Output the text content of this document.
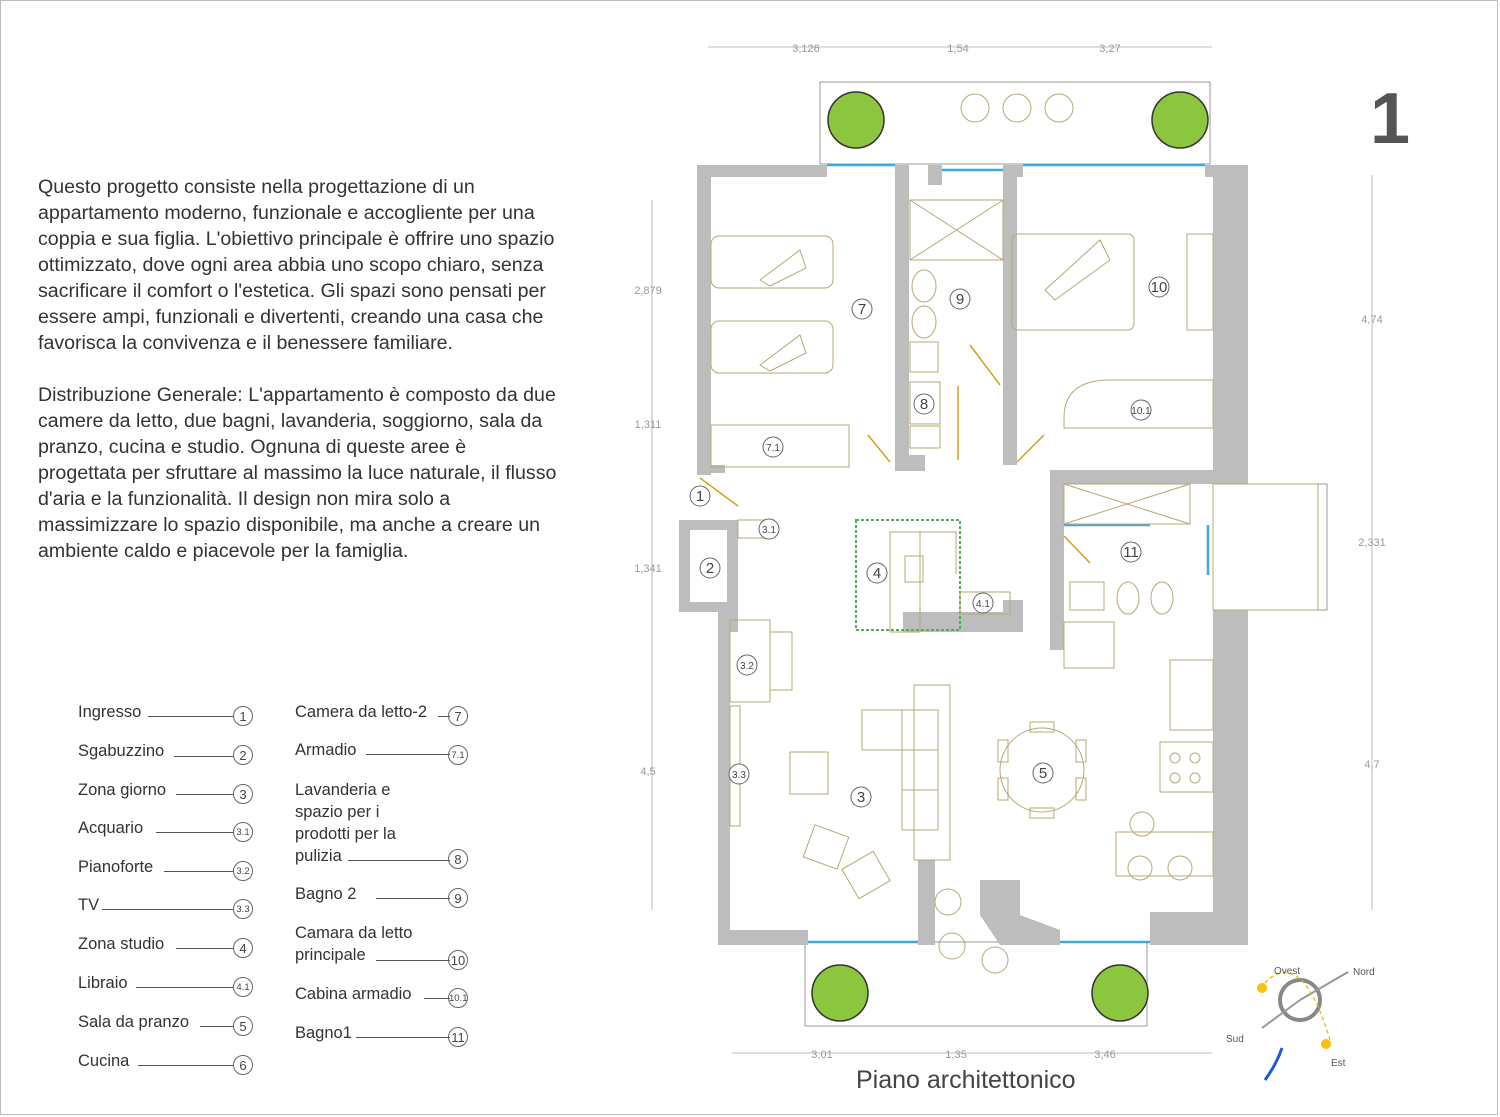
Questo progetto consiste nella progettazione di un appartamento moderno, funzionale e accogliente per una coppia e sua figlia. L'obiettivo principale è offrire uno spazio ottimizzato, dove ogni area abbia uno scopo chiaro, senza sacrificare il comfort o l'estetica. Gli spazi sono pensati per essere ampi, funzionali e divertenti, creando una casa che favorisca la convivenza e il benessere familiare.

Distribuzione Generale: L'appartamento è composto da due camere da letto, due bagni, lavanderia, soggiorno, sala da pranzo, cucina e studio. Ognuna di queste aree è progettata per sfruttare al massimo la luce naturale, il flusso d'aria e la funzionalità. Il design non mira solo a massimizzare lo spazio disponibile, ma anche a creare un ambiente caldo e piacevole per la famiglia.

1
Ingresso	1
Sgabuzzino	2
Zona giorno	3
Acquario	3.1
Pianoforte	3.2
TV	3.3
Zona studio	4
Libraio	4.1
Sala da pranzo	5
Cucina	6
Camera da letto-2	7
Armadio	7.1
Lavanderia e spazio per i prodotti per la pulizia	8
Bagno 2	9
Camara da letto principale	10
Cabina armadio	10.1
Bagno1	11
3,126	1,54	3,27
3,01	1,35	3,46
2,879
1,311
1,341
4,5
4,74
2,331
4,7
7
9
10
8
7.1
10.1
1
2
3.1
4
4.1
11
3.2
3.3
3
5
Ovest	Nord
Sud
Est
Piano architettonico
